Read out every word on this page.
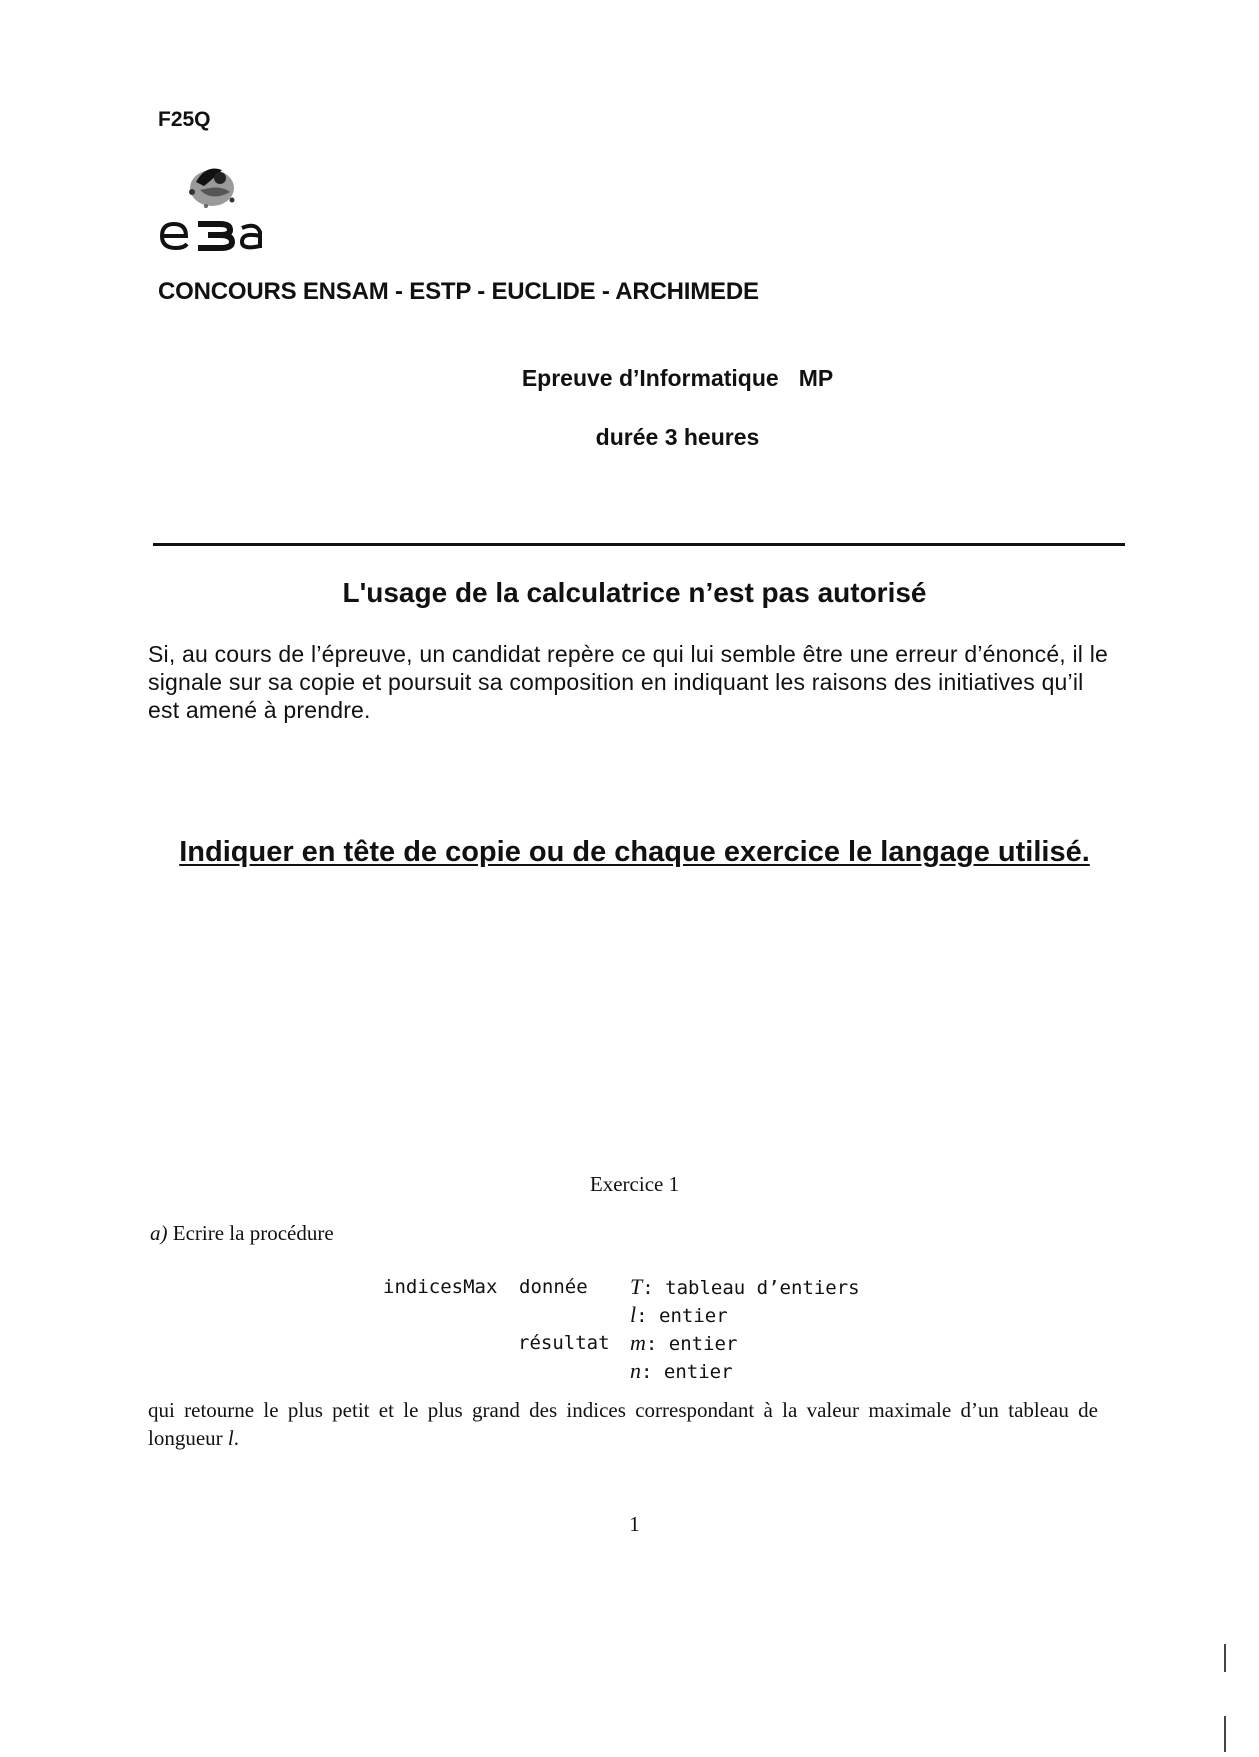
F25Q
CONCOURS ENSAM - ESTP - EUCLIDE - ARCHIMEDE
Epreuve d’Informatique MP
durée 3 heures
L'usage de la calculatrice n’est pas autorisé
Si, au cours de l’épreuve, un candidat repère ce qui lui semble être une erreur d’énoncé, il le signale sur sa copie et poursuit sa composition en indiquant les raisons des initiatives qu’il est amené à prendre.
Indiquer en tête de copie ou de chaque exercice le langage utilisé.
Exercice 1
a) Ecrire la procédure
indicesMax donnée
résultat
T: tableau d’entiers
l: entier
m: entier
n: entier
qui retourne le plus petit et le plus grand des indices correspondant à la valeur maximale d’un tableau de longueur l.
1
